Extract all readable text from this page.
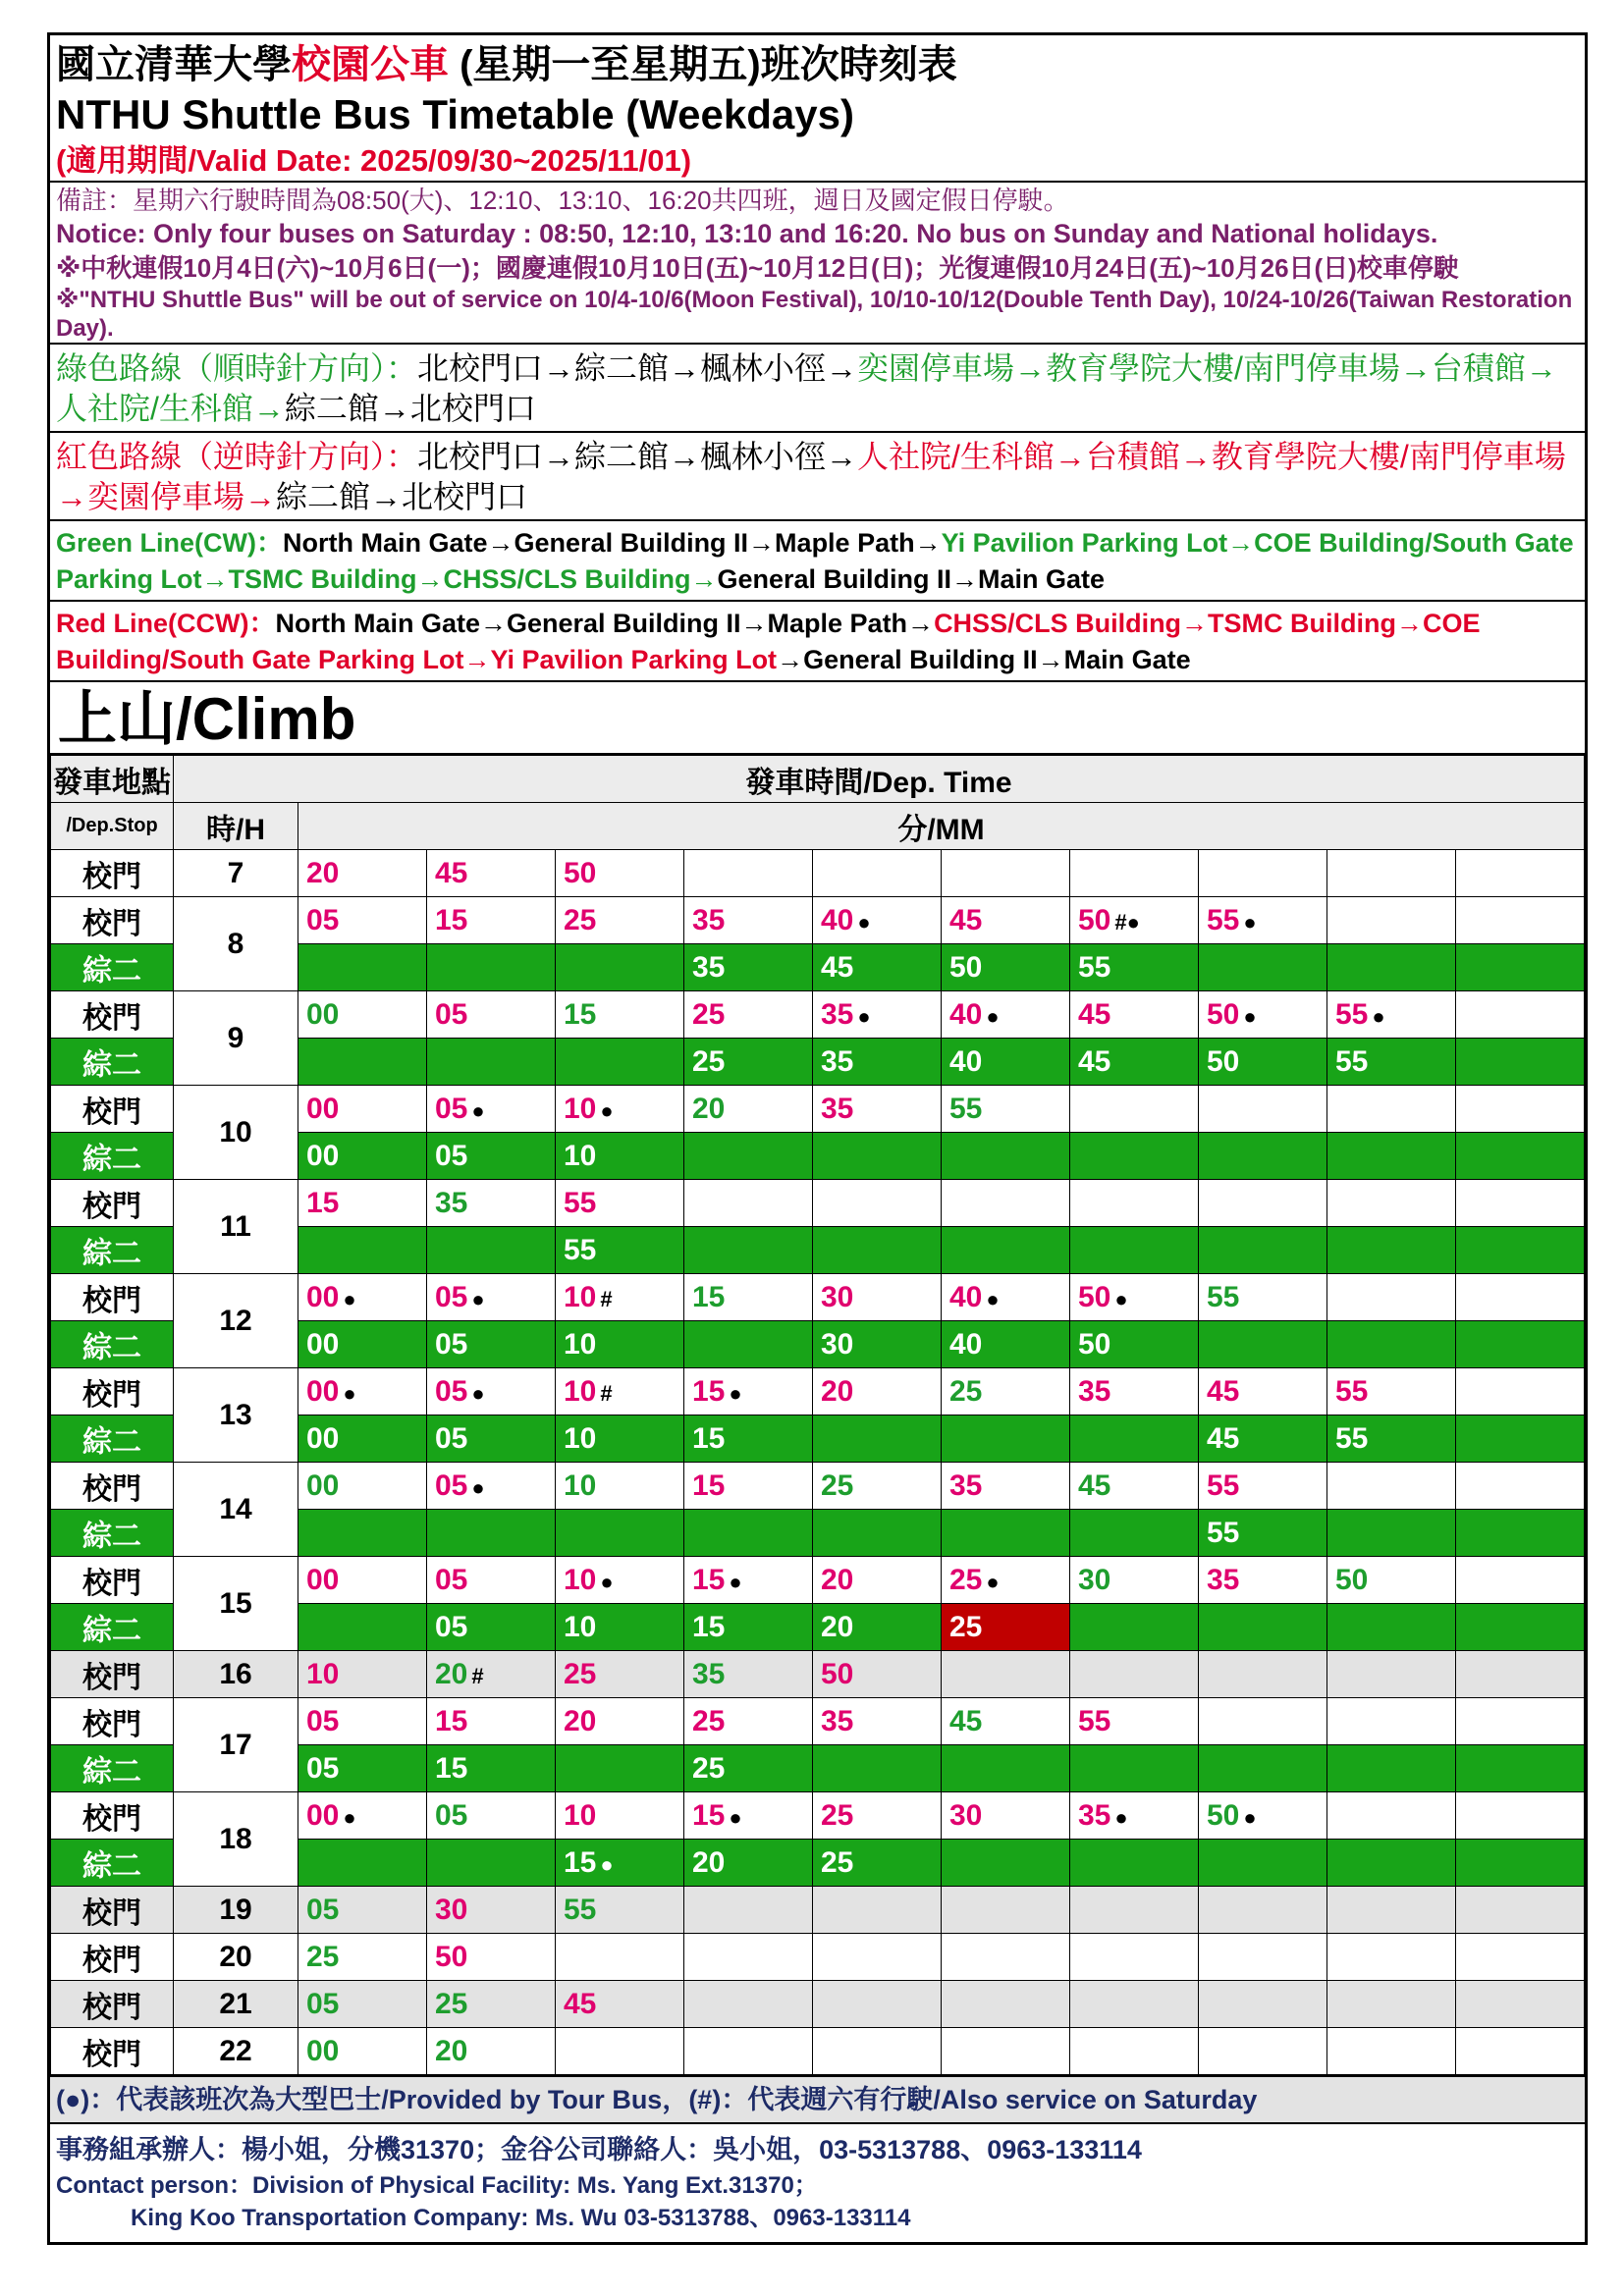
國立清華大學校園公車 (星期一至星期五)班次時刻表
NTHU Shuttle Bus Timetable (Weekdays)
(適用期間/Valid Date: 2025/09/30~2025/11/01)
備註：星期六行駛時間為08:50(大)、12:10、13:10、16:20共四班，週日及國定假日停駛。
Notice: Only four buses on Saturday : 08:50, 12:10, 13:10 and 16:20. No bus on Sunday and National holidays.
※中秋連假10月4日(六)~10月6日(一)；國慶連假10月10日(五)~10月12日(日)；光復連假10月24日(五)~10月26日(日)校車停駛
※"NTHU Shuttle Bus" will be out of service on 10/4-10/6(Moon Festival), 10/10-10/12(Double Tenth Day), 10/24-10/26(Taiwan Restoration Day).
綠色路線（順時針方向）：北校門口→綜二館→楓林小徑→奕園停車場→教育學院大樓/南門停車場→台積館→人社院/生科館→綜二館→北校門口
紅色路線（逆時針方向）：北校門口→綜二館→楓林小徑→人社院/生科館→台積館→教育學院大樓/南門停車場→奕園停車場→綜二館→北校門口
Green Line(CW)：North Main Gate→General Building II→Maple Path→Yi Pavilion Parking Lot→COE Building/South Gate Parking Lot→TSMC Building→CHSS/CLS Building→General Building II→Main Gate
Red Line(CCW)：North Main Gate→General Building II→Maple Path→CHSS/CLS Building→TSMC Building→COE Building/South Gate Parking Lot→Yi Pavilion Parking Lot→General Building II→Main Gate
上山/Climb
發車地點	發車時間/Dep. Time										
/Dep.Stop	時/H	分/MM									
校門	7	20	45	50							
校門	8	05	15	25	35	40 ●	45	50 #●	55 ●		
綜二					35	45	50	55			
校門	9	00	05	15	25	35 ●	40 ●	45	50 ●	55 ●	
綜二					25	35	40	45	50	55	
校門	10	00	05 ●	10 ●	20	35	55				
綜二		00	05	10							
校門	11	15	35	55							
綜二				55							
校門	12	00 ●	05 ●	10 #	15	30	40 ●	50 ●	55		
綜二		00	05	10		30	40	50			
校門	13	00 ●	05 ●	10 #	15 ●	20	25	35	45	55	
綜二		00	05	10	15				45	55	
校門	14	00	05 ●	10	15	25	35	45	55		
綜二									55		
校門	15	00	05	10 ●	15 ●	20	25 ●	30	35	50	
綜二			05	10	15	20	25				
校門	16	10	20 #	25	35	50					
校門	17	05	15	20	25	35	45	55			
綜二		05	15		25						
校門	18	00 ●	05	10	15 ●	25	30	35 ●	50 ●		
綜二				15 ●	20	25					
校門	19	05	30	55							
校門	20	25	50								
校門	21	05	25	45							
校門	22	00	20								
(●)：代表該班次為大型巴士/Provided by Tour Bus，(#)：代表週六有行駛/Also service on Saturday
事務組承辦人：楊小姐，分機31370；金谷公司聯絡人：吳小姐，03-5313788、0963-133114
Contact person：Division of Physical Facility: Ms. Yang Ext.31370；
King Koo Transportation Company: Ms. Wu 03-5313788、0963-133114
